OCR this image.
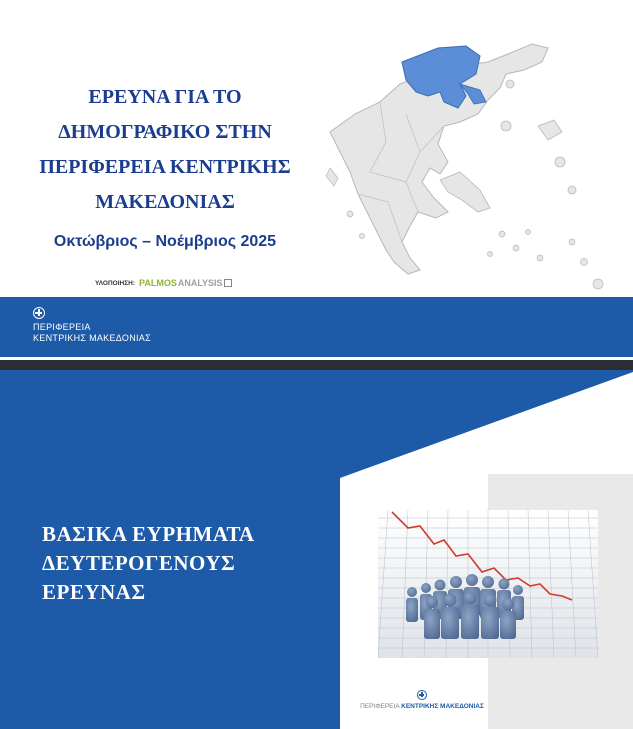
ΕΡΕΥΝΑ ΓΙΑ ΤΟ
ΔΗΜΟΓΡΑΦΙΚΟ ΣΤΗΝ
ΠΕΡΙΦΕΡΕΙΑ ΚΕΝΤΡΙΚΗΣ
ΜΑΚΕΔΟΝΙΑΣ
Οκτώβριος – Νοέμβριος 2025
ΥΛΟΠΟΙΗΣΗ: PALMOS ANALYSIS
ΠΕΡΙΦΕΡΕΙΑ
ΚΕΝΤΡΙΚΗΣ ΜΑΚΕΔΟΝΙΑΣ
ΒΑΣΙΚΑ ΕΥΡΗΜΑΤΑ
ΔΕΥΤΕΡΟΓΕΝΟΥΣ
ΕΡΕΥΝΑΣ
ΠΕΡΙΦΕΡΕΙΑ ΚΕΝΤΡΙΚΗΣ ΜΑΚΕΔΟΝΙΑΣ
